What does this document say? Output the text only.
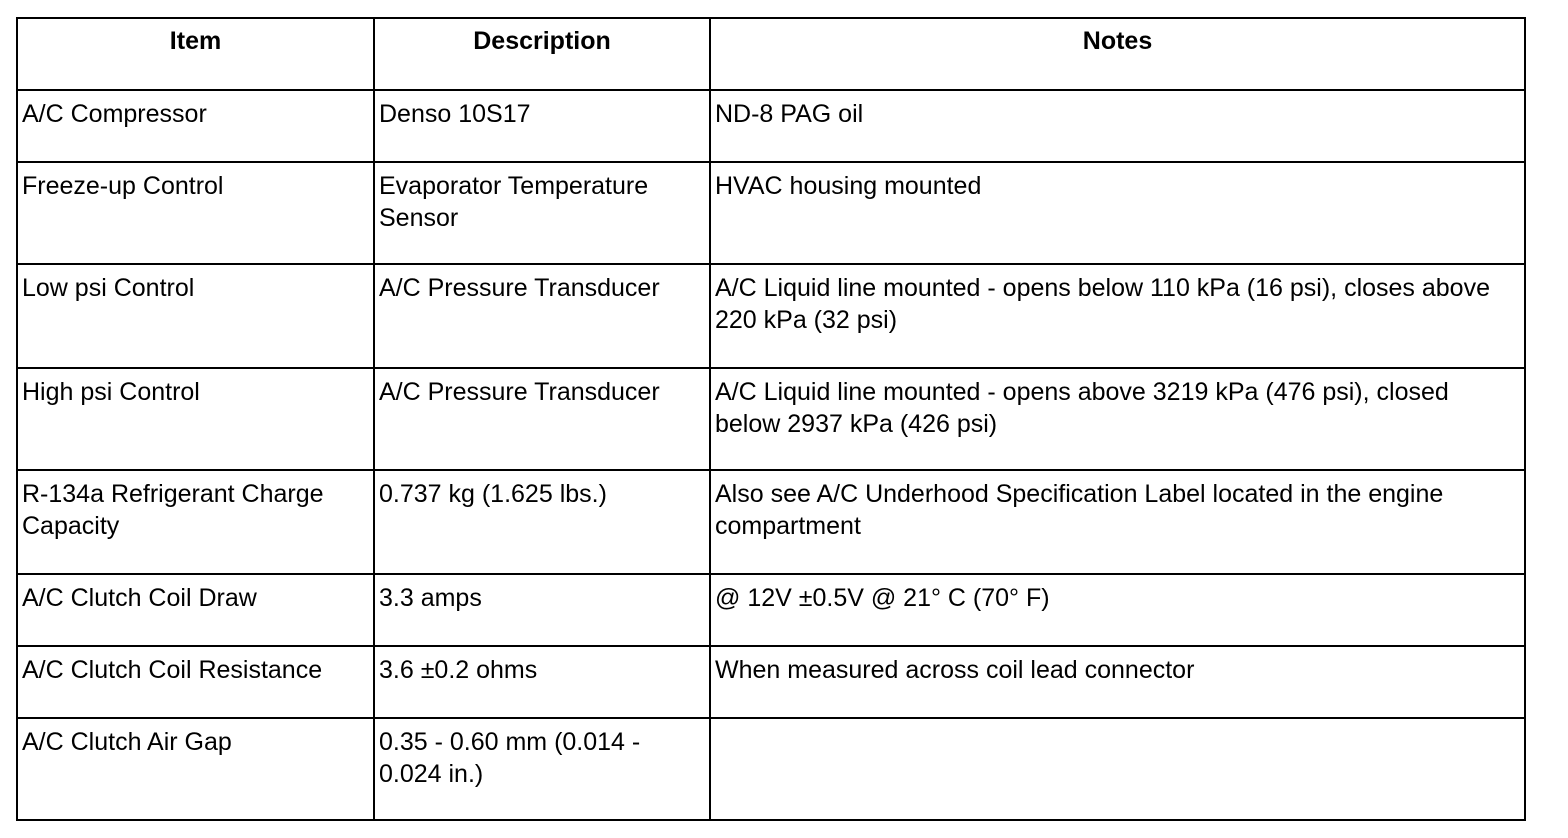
Item	Description	Notes
A/C Compressor	Denso 10S17	ND-8 PAG oil
Freeze-up Control	Evaporator Temperature Sensor	HVAC housing mounted
Low psi Control	A/C Pressure Transducer	A/C Liquid line mounted - opens below 110 kPa (16 psi), closes above 220 kPa (32 psi)
High psi Control	A/C Pressure Transducer	A/C Liquid line mounted - opens above 3219 kPa (476 psi), closed below 2937 kPa (426 psi)
R-134a Refrigerant Charge Capacity	0.737 kg (1.625 lbs.)	Also see A/C Underhood Specification Label located in the engine compartment
A/C Clutch Coil Draw	3.3 amps	@ 12V ±0.5V @ 21° C (70° F)
A/C Clutch Coil Resistance	3.6 ±0.2 ohms	When measured across coil lead connector
A/C Clutch Air Gap	0.35 - 0.60 mm (0.014 - 0.024 in.)	
